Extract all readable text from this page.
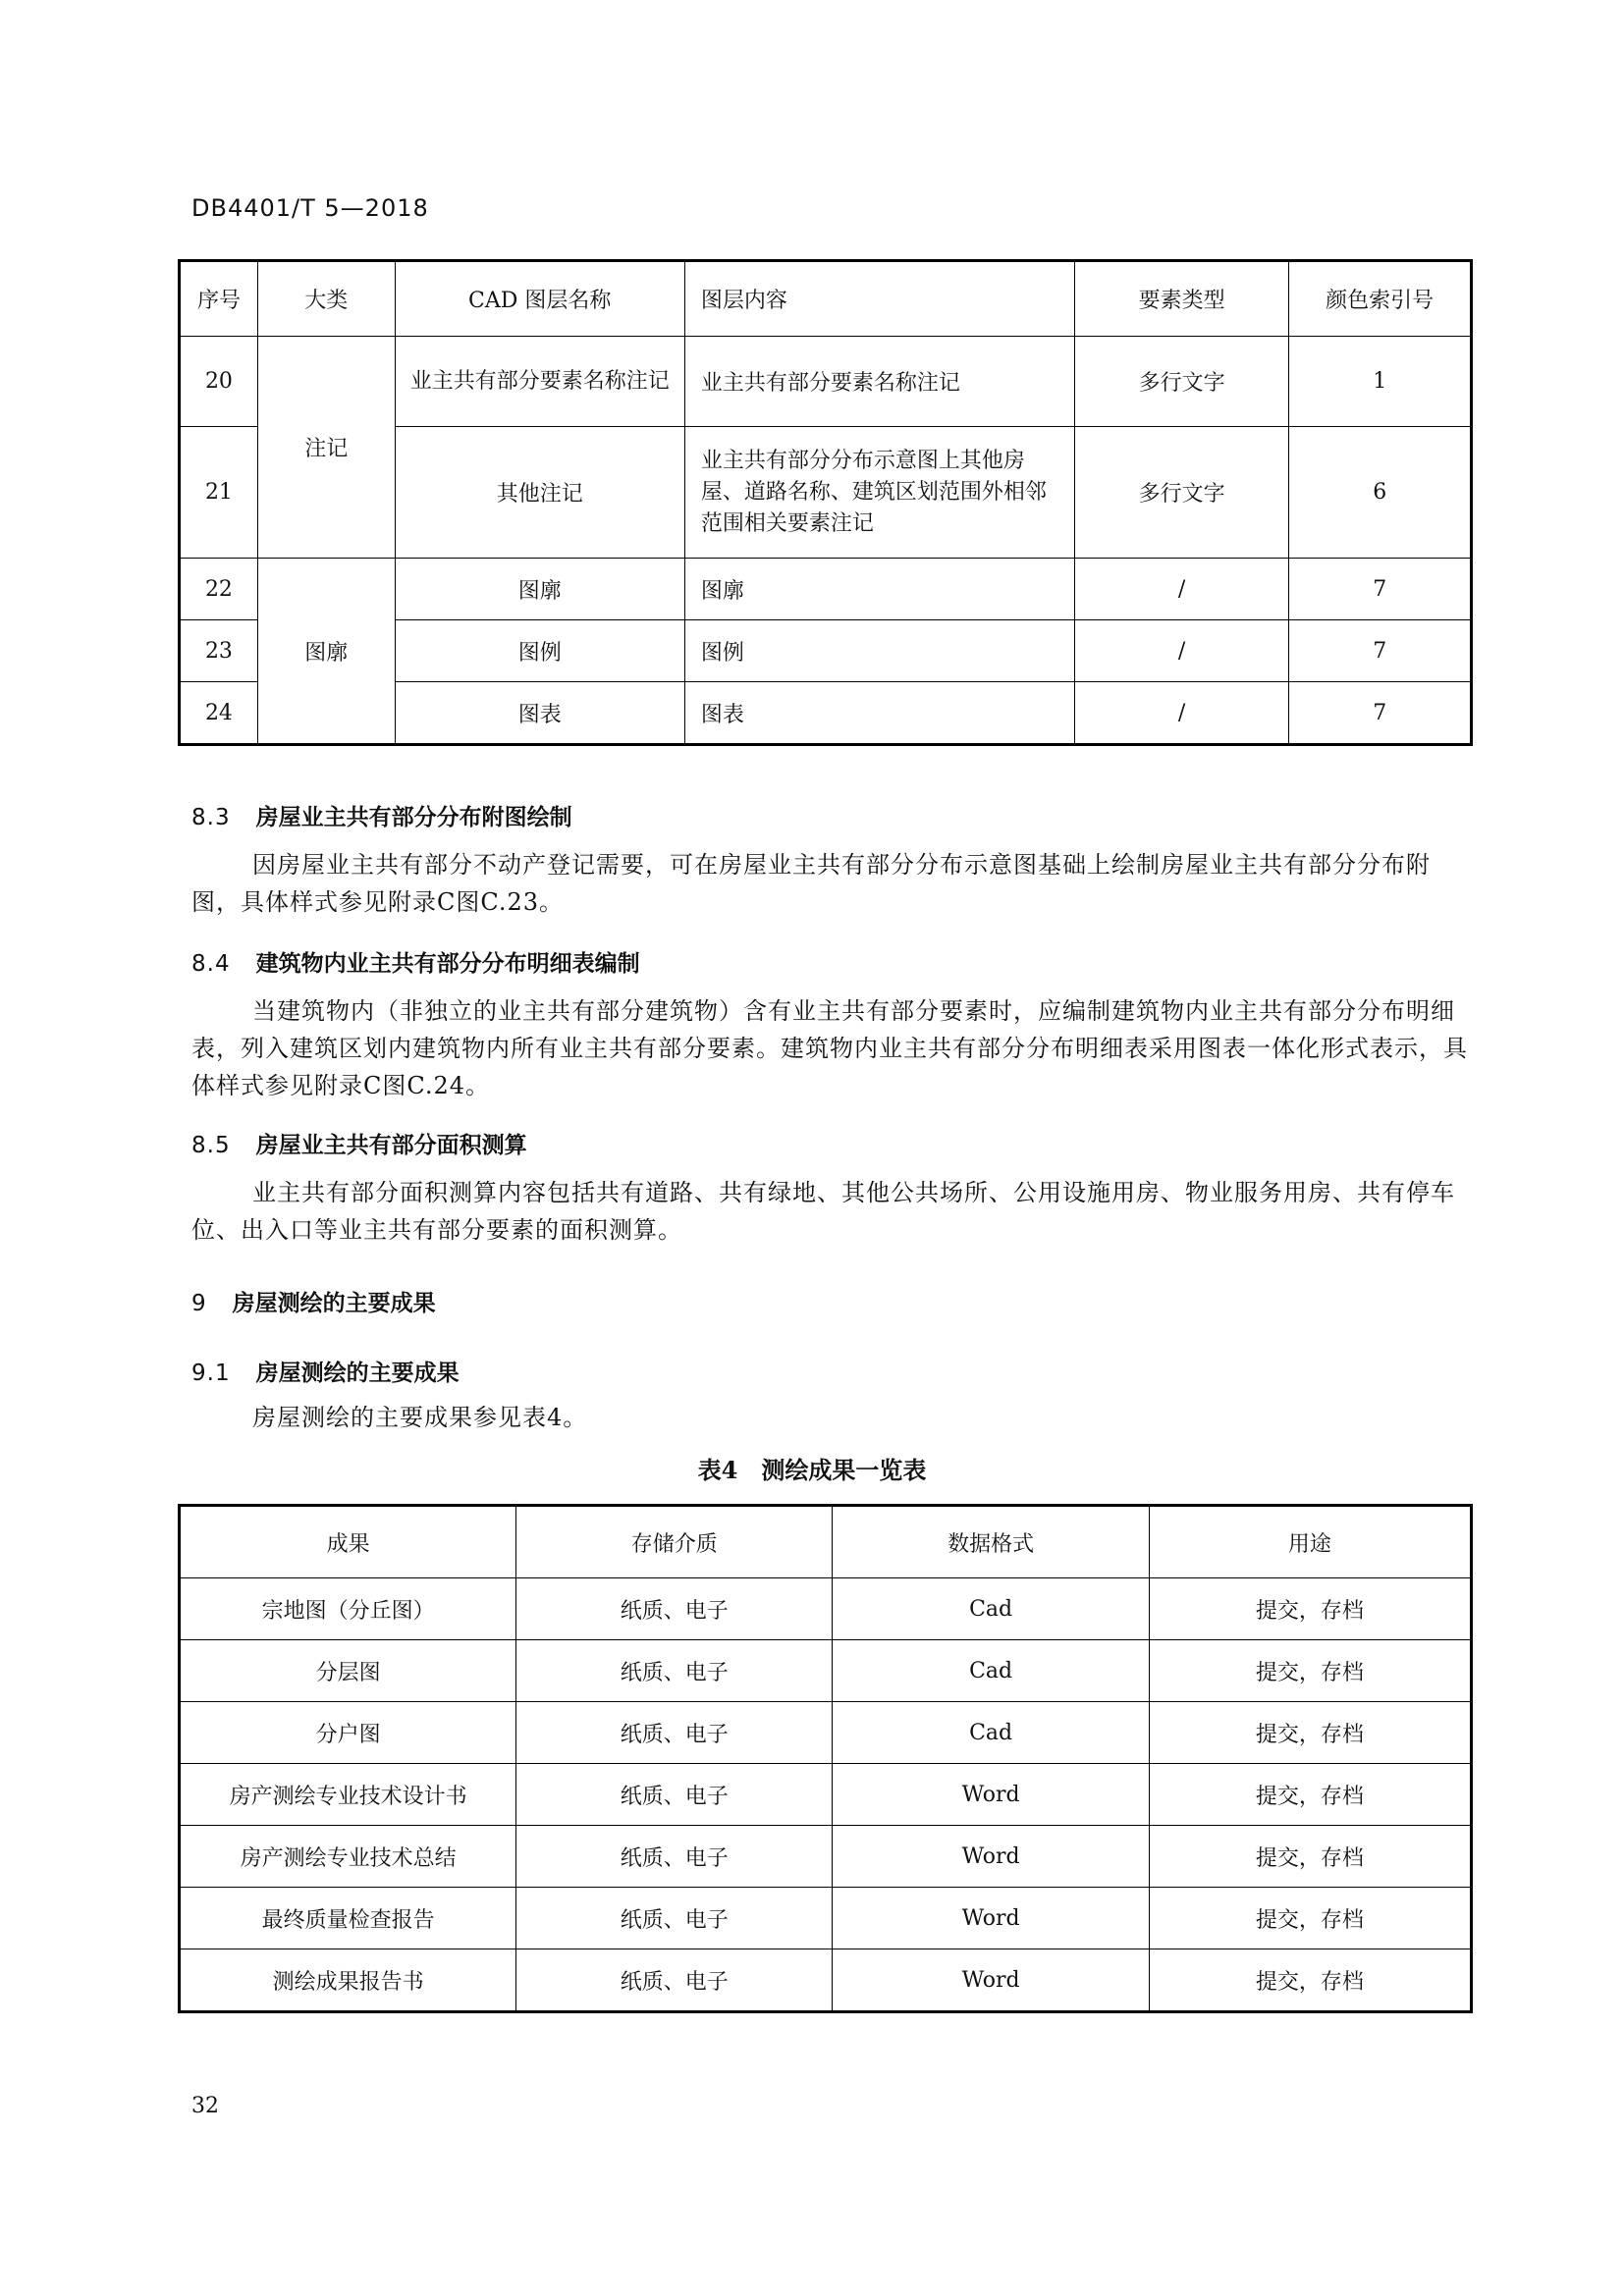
DB4401/T 5—2018
序号	大类	CAD 图层名称	图层内容	要素类型	颜色索引号
20	注记	业主共有部分要素名称注记	业主共有部分要素名称注记	多行文字	1
21		其他注记	业主共有部分分布示意图上其他房屋、道路名称、建筑区划范围外相邻范围相关要素注记	多行文字	6
22	图廓	图廓	图廓	/	7
23		图例	图例	/	7
24		图表	图表	/	7
8.3 房屋业主共有部分分布附图绘制
因房屋业主共有部分不动产登记需要，可在房屋业主共有部分分布示意图基础上绘制房屋业主共有部分分布附图，具体样式参见附录C图C.23。
8.4 建筑物内业主共有部分分布明细表编制
当建筑物内（非独立的业主共有部分建筑物）含有业主共有部分要素时，应编制建筑物内业主共有部分分布明细表，列入建筑区划内建筑物内所有业主共有部分要素。建筑物内业主共有部分分布明细表采用图表一体化形式表示，具体样式参见附录C图C.24。
8.5 房屋业主共有部分面积测算
业主共有部分面积测算内容包括共有道路、共有绿地、其他公共场所、公用设施用房、物业服务用房、共有停车位、出入口等业主共有部分要素的面积测算。
9 房屋测绘的主要成果
9.1 房屋测绘的主要成果
房屋测绘的主要成果参见表4。
表4　测绘成果一览表
成果	存储介质	数据格式	用途
宗地图（分丘图）	纸质、电子	Cad	提交，存档
分层图	纸质、电子	Cad	提交，存档
分户图	纸质、电子	Cad	提交，存档
房产测绘专业技术设计书	纸质、电子	Word	提交，存档
房产测绘专业技术总结	纸质、电子	Word	提交，存档
最终质量检查报告	纸质、电子	Word	提交，存档
测绘成果报告书	纸质、电子	Word	提交，存档
32
